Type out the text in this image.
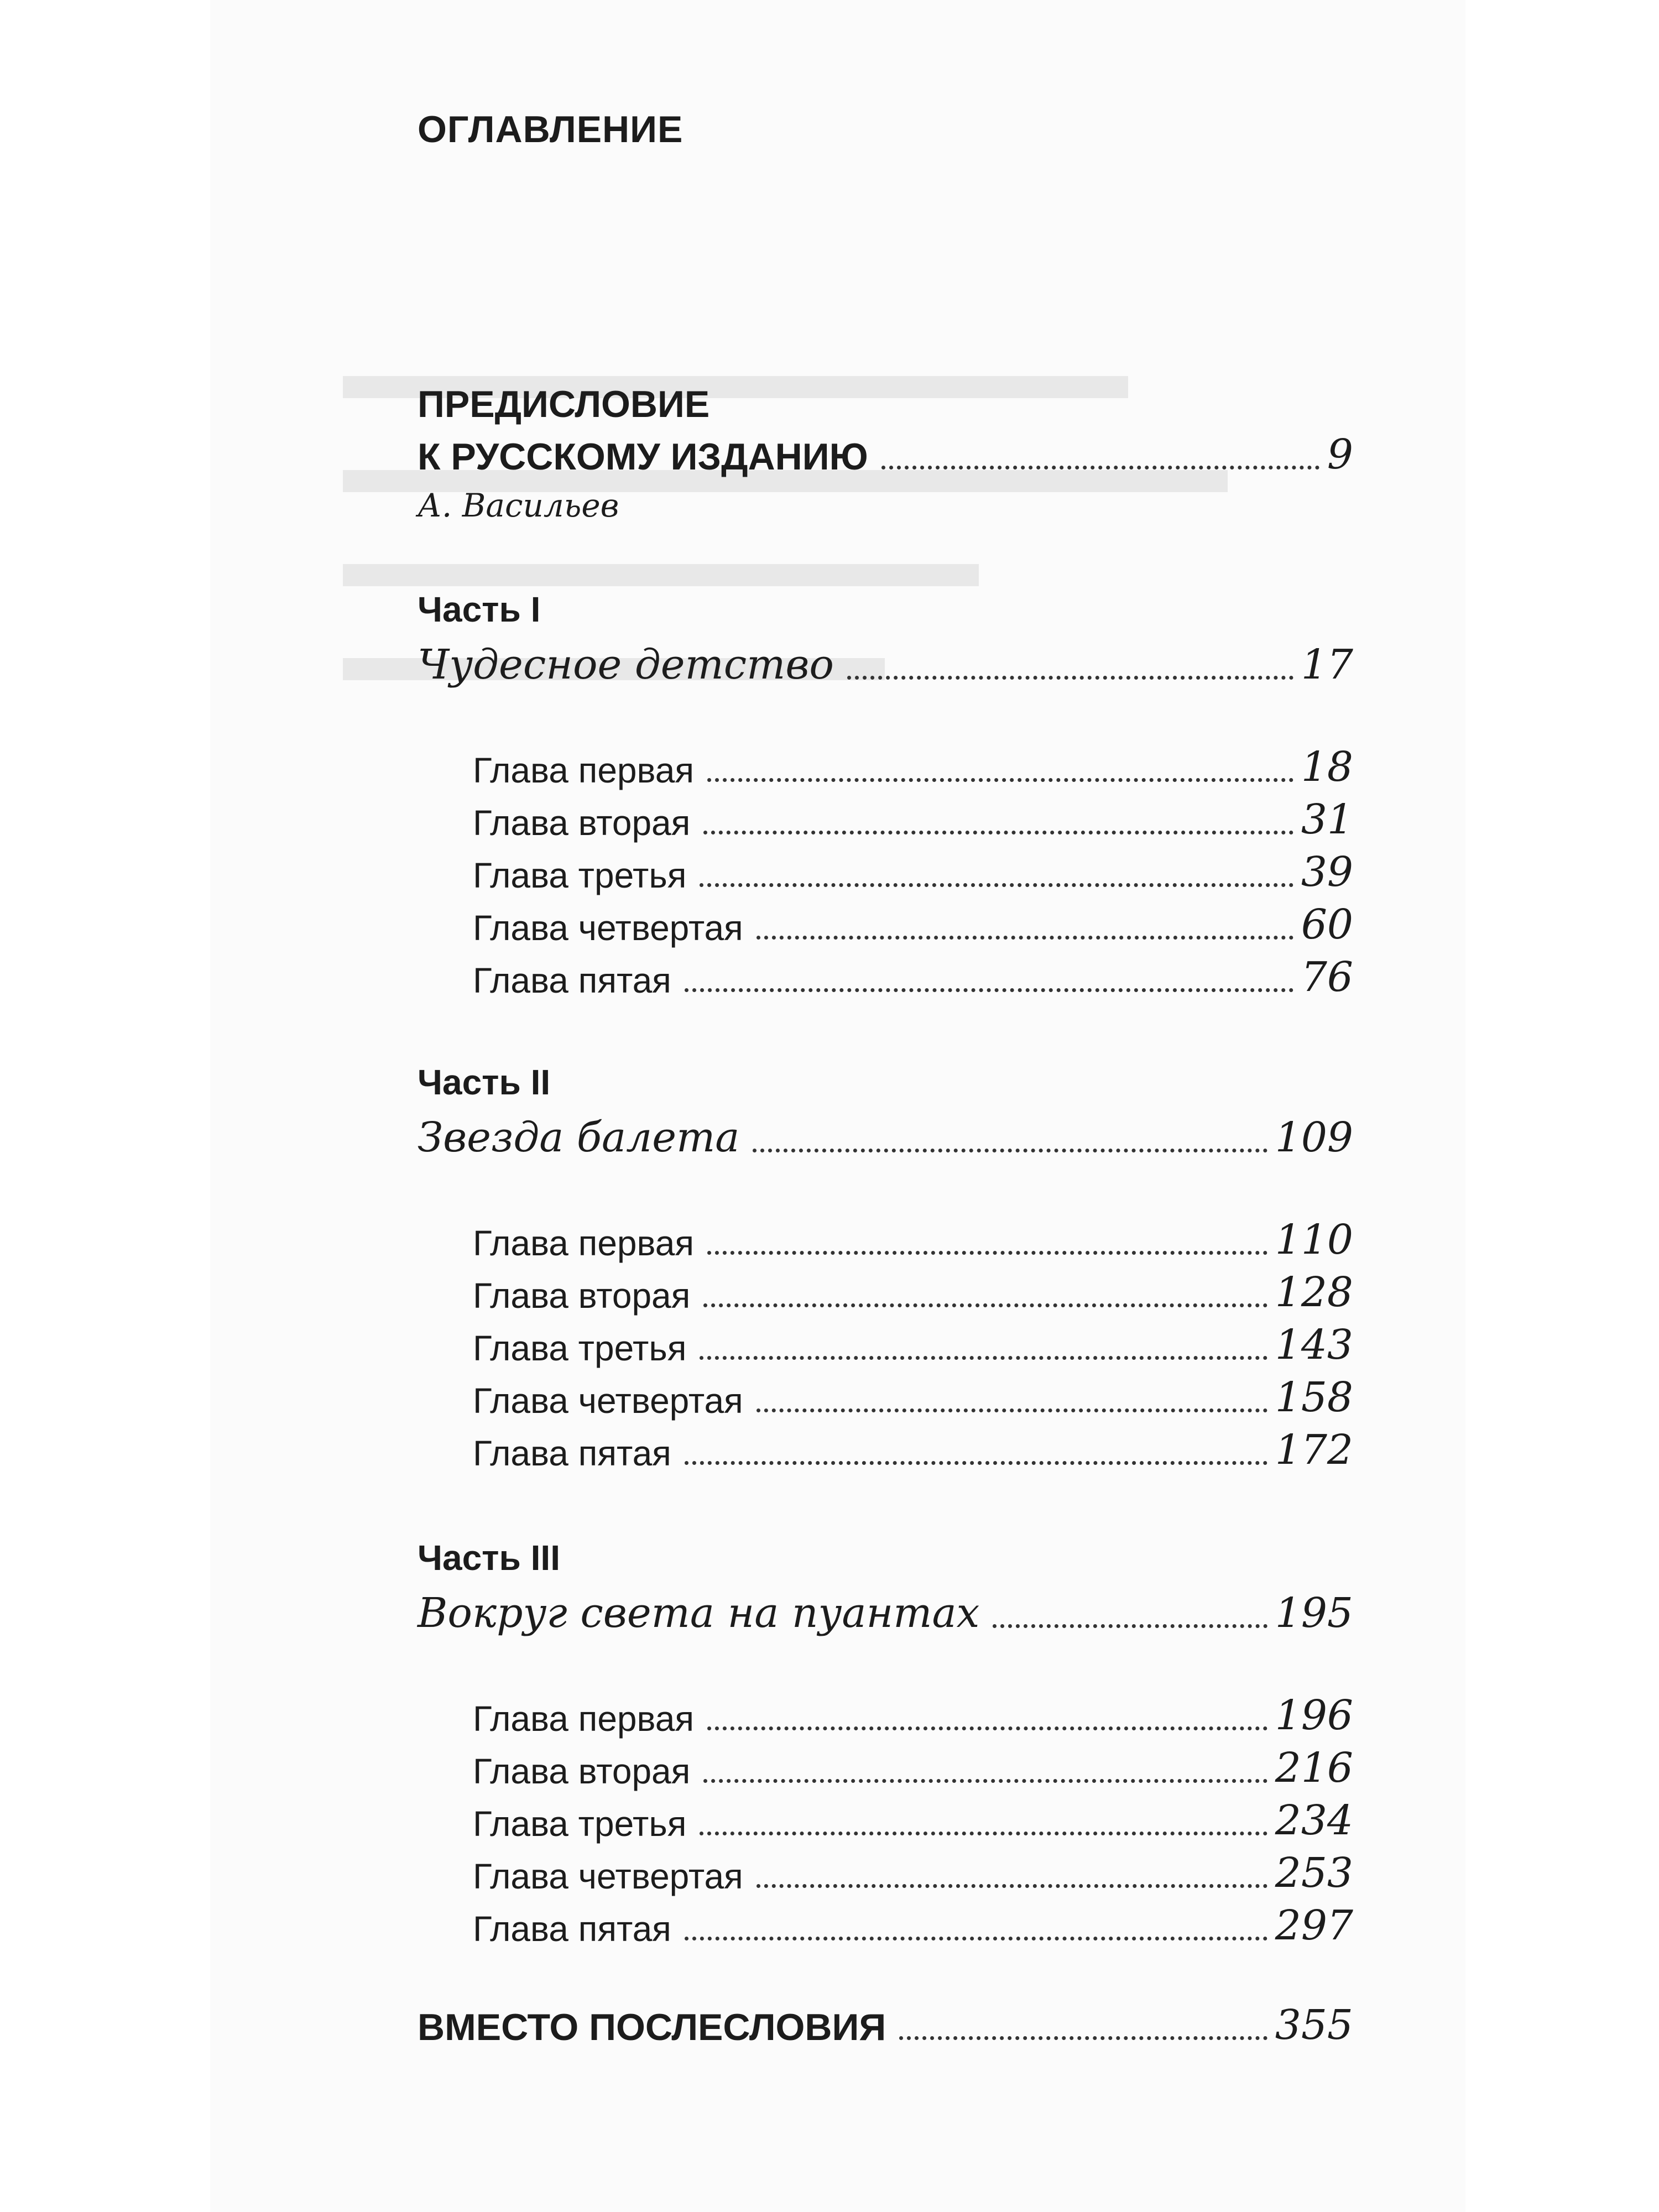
ОГЛАВЛЕНИЕ
ПРЕДИСЛОВИЕ
К РУССКОМУ ИЗДАНИЮ	9
А. Васильев
Часть I
Чудесное детство	17
Глава первая	18
Глава вторая	31
Глава третья	39
Глава четвертая	60
Глава пятая	76
Часть II
Звезда балета	109
Глава первая	110
Глава вторая	128
Глава третья	143
Глава четвертая	158
Глава пятая	172
Часть III
Вокруг света на пуантах	195
Глава первая	196
Глава вторая	216
Глава третья	234
Глава четвертая	253
Глава пятая	297
ВМЕСТО ПОСЛЕСЛОВИЯ	355
